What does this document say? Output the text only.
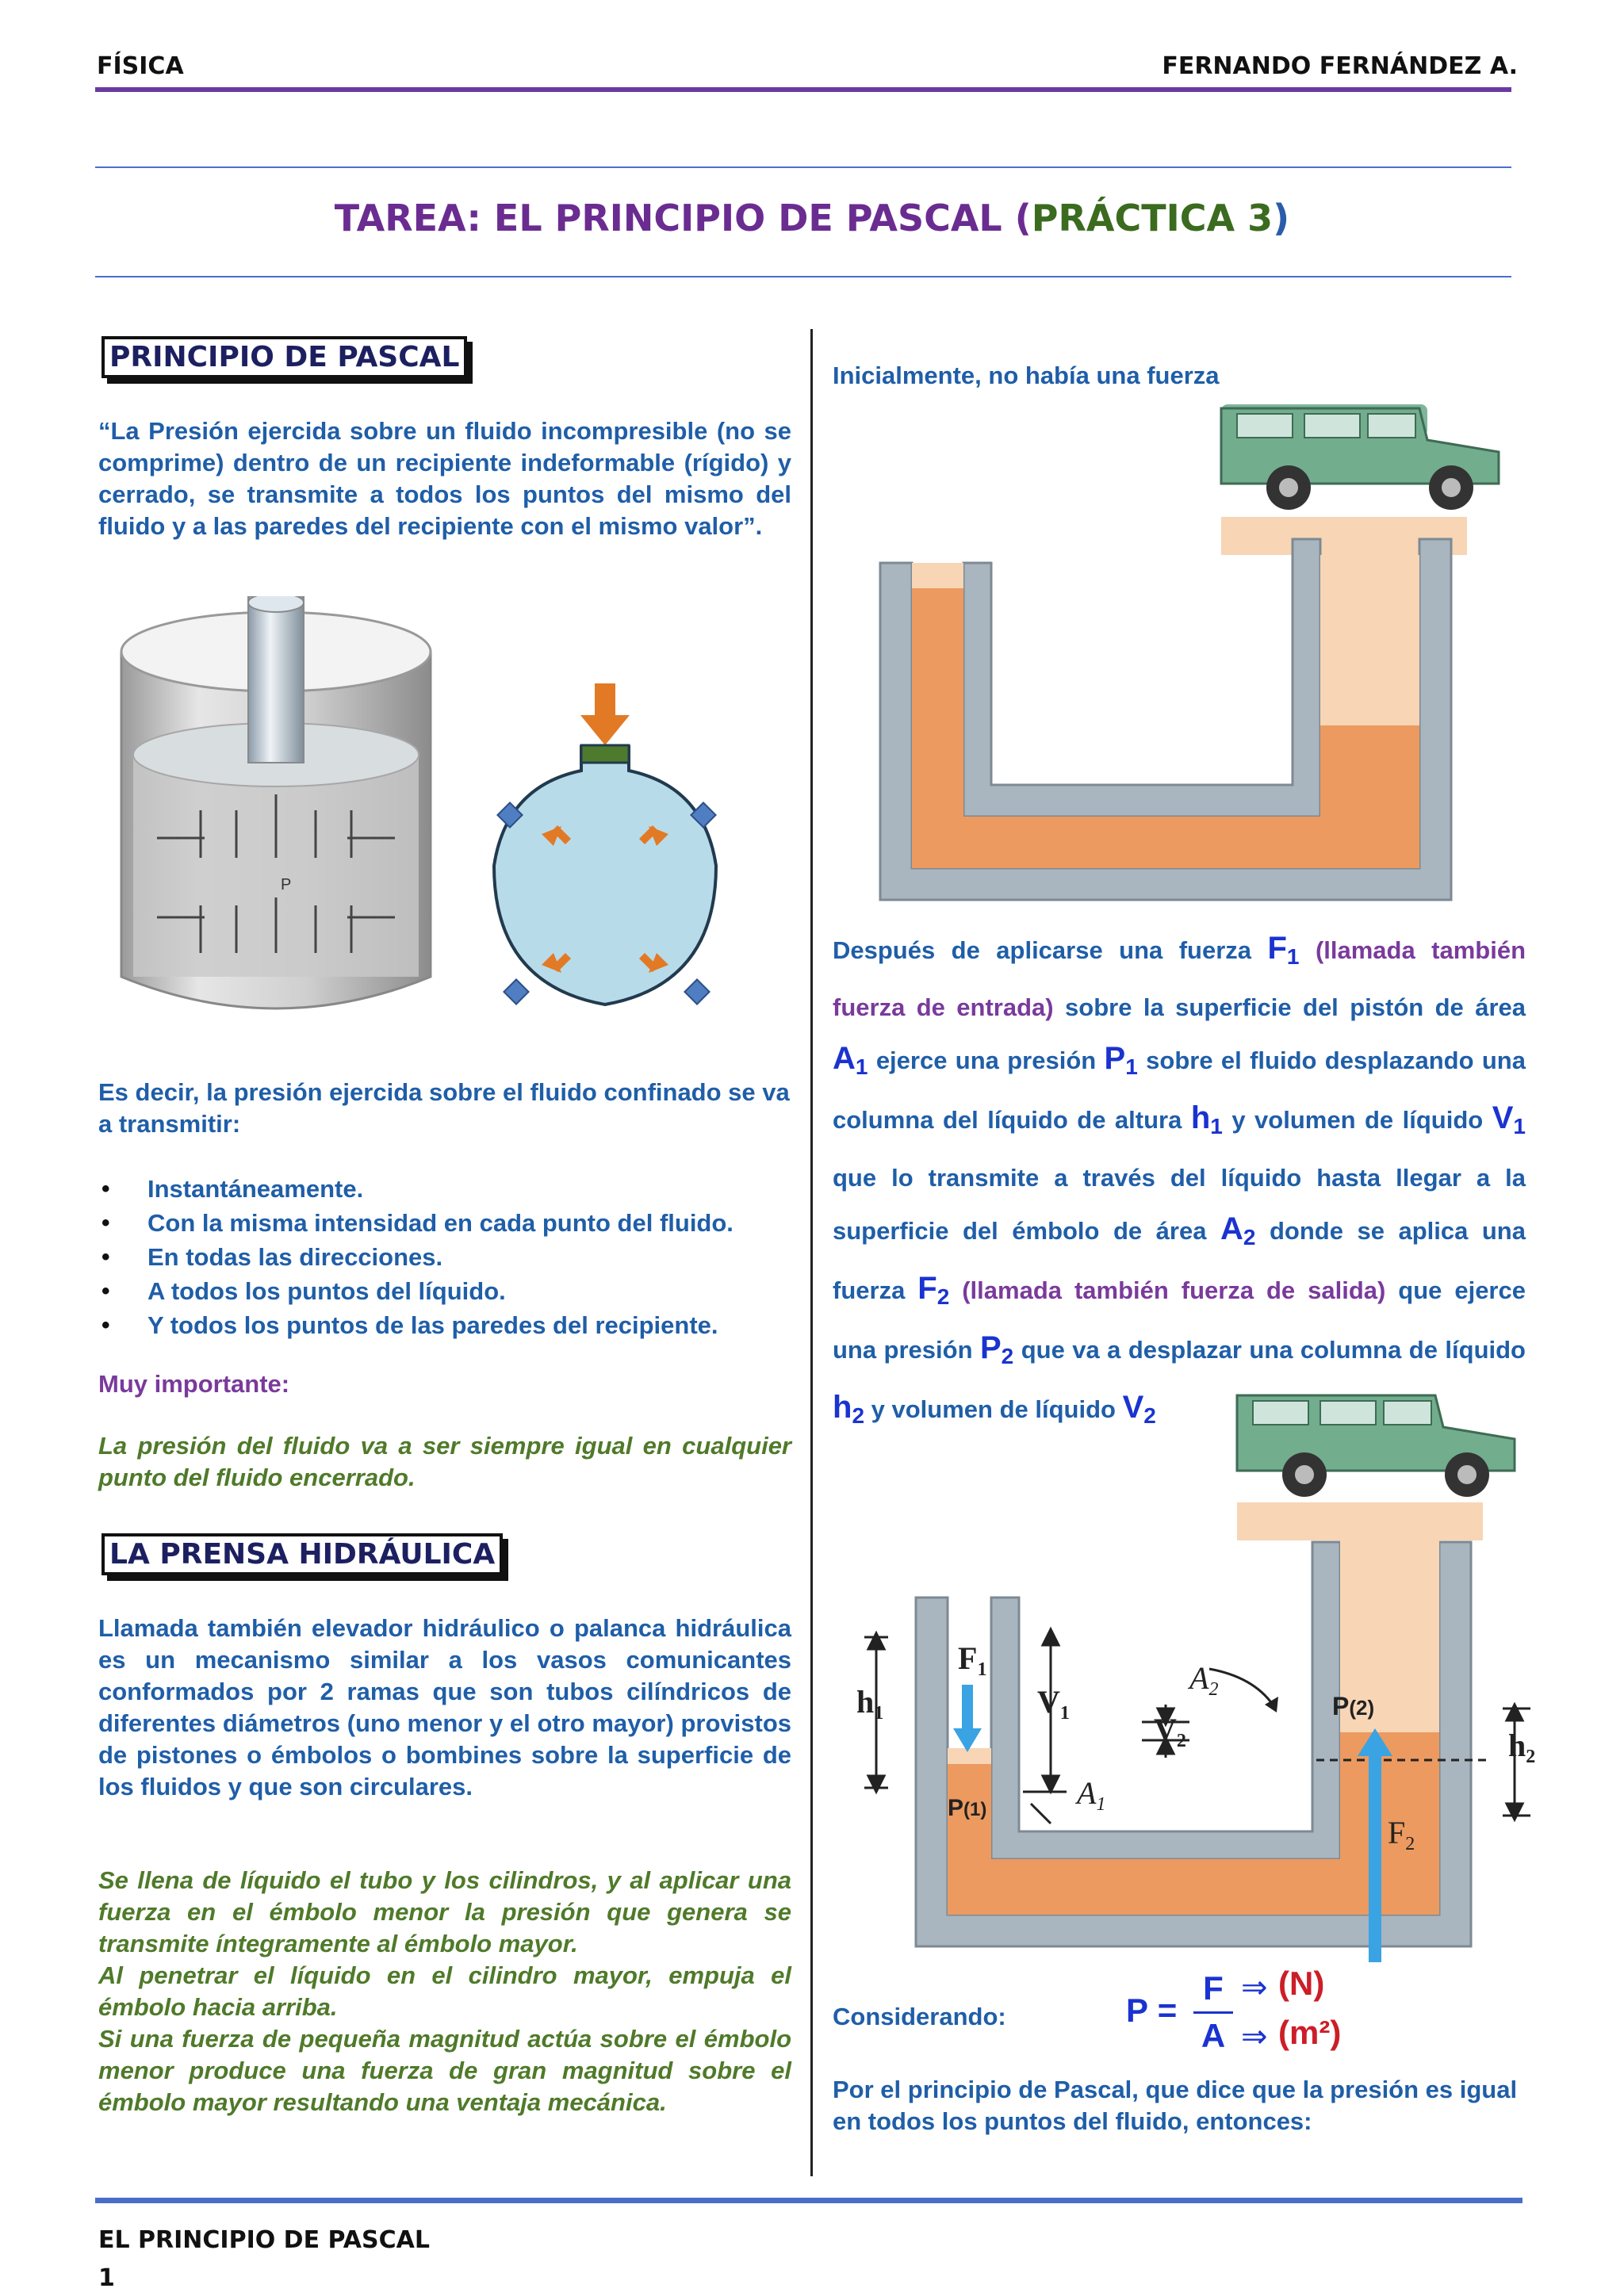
FÍSICA	FERNANDO FERNÁNDEZ A.
TAREA: EL PRINCIPIO DE PASCAL (PRÁCTICA 3)
PRINCIPIO DE PASCAL
“La Presión ejercida sobre un fluido incompresible (no se comprime) dentro de un recipiente indeformable (rígido) y cerrado, se transmite a todos los puntos del mismo del fluido y a las paredes del recipiente con el mismo valor”.
P
Es decir, la presión ejercida sobre el fluido confinado se va a transmitir:
• Instantáneamente.
• Con la misma intensidad en cada punto del fluido.
• En todas las direcciones.
• A todos los puntos del líquido.
• Y todos los puntos de las paredes del recipiente.
Muy importante:
La presión del fluido va a ser siempre igual en cualquier punto del fluido encerrado.
LA PRENSA HIDRÁULICA
Llamada también elevador hidráulico o palanca hidráulica es un mecanismo similar a los vasos comunicantes conformados por 2 ramas que son tubos cilíndricos de diferentes diámetros (uno menor y el otro mayor) provistos de pistones o émbolos o bombines sobre la superficie de los fluidos y que son circulares.
Se llena de líquido el tubo y los cilindros, y al aplicar una fuerza en el émbolo menor la presión que genera se transmite íntegramente al émbolo mayor.
Al penetrar el líquido en el cilindro mayor, empuja el émbolo hacia arriba.
Si una fuerza de pequeña magnitud actúa sobre el émbolo menor produce una fuerza de gran magnitud sobre el émbolo mayor resultando una ventaja mecánica.
Inicialmente, no había una fuerza
Después de aplicarse una fuerza $F_1$ (llamada también fuerza de entrada) sobre la superficie del pistón de área $A_1$ ejerce una presión $P_1$ sobre el fluido desplazando una columna del líquido de altura $h_1$ y volumen de líquido $V_1$ que lo transmite a través del líquido hasta llegar a la superficie del émbolo de área $A_2$ donde se aplica una fuerza $F_2$ (llamada también fuerza de salida) que ejerce una presión $P_2$ que va a desplazar una columna de líquido $h_2$ y volumen de líquido $V_2$
$h_1$
$F_1$
$V_1$
$A_1$
$A_2$
$V_2$
P(2)
$h_2$
P(1)
$F_2$
Considerando:	P =
F
A
⇒
⇒
(N)
(m²)
Por el principio de Pascal, que dice que la presión es igual en todos los puntos del fluido, entonces:
EL PRINCIPIO DE PASCAL
1
